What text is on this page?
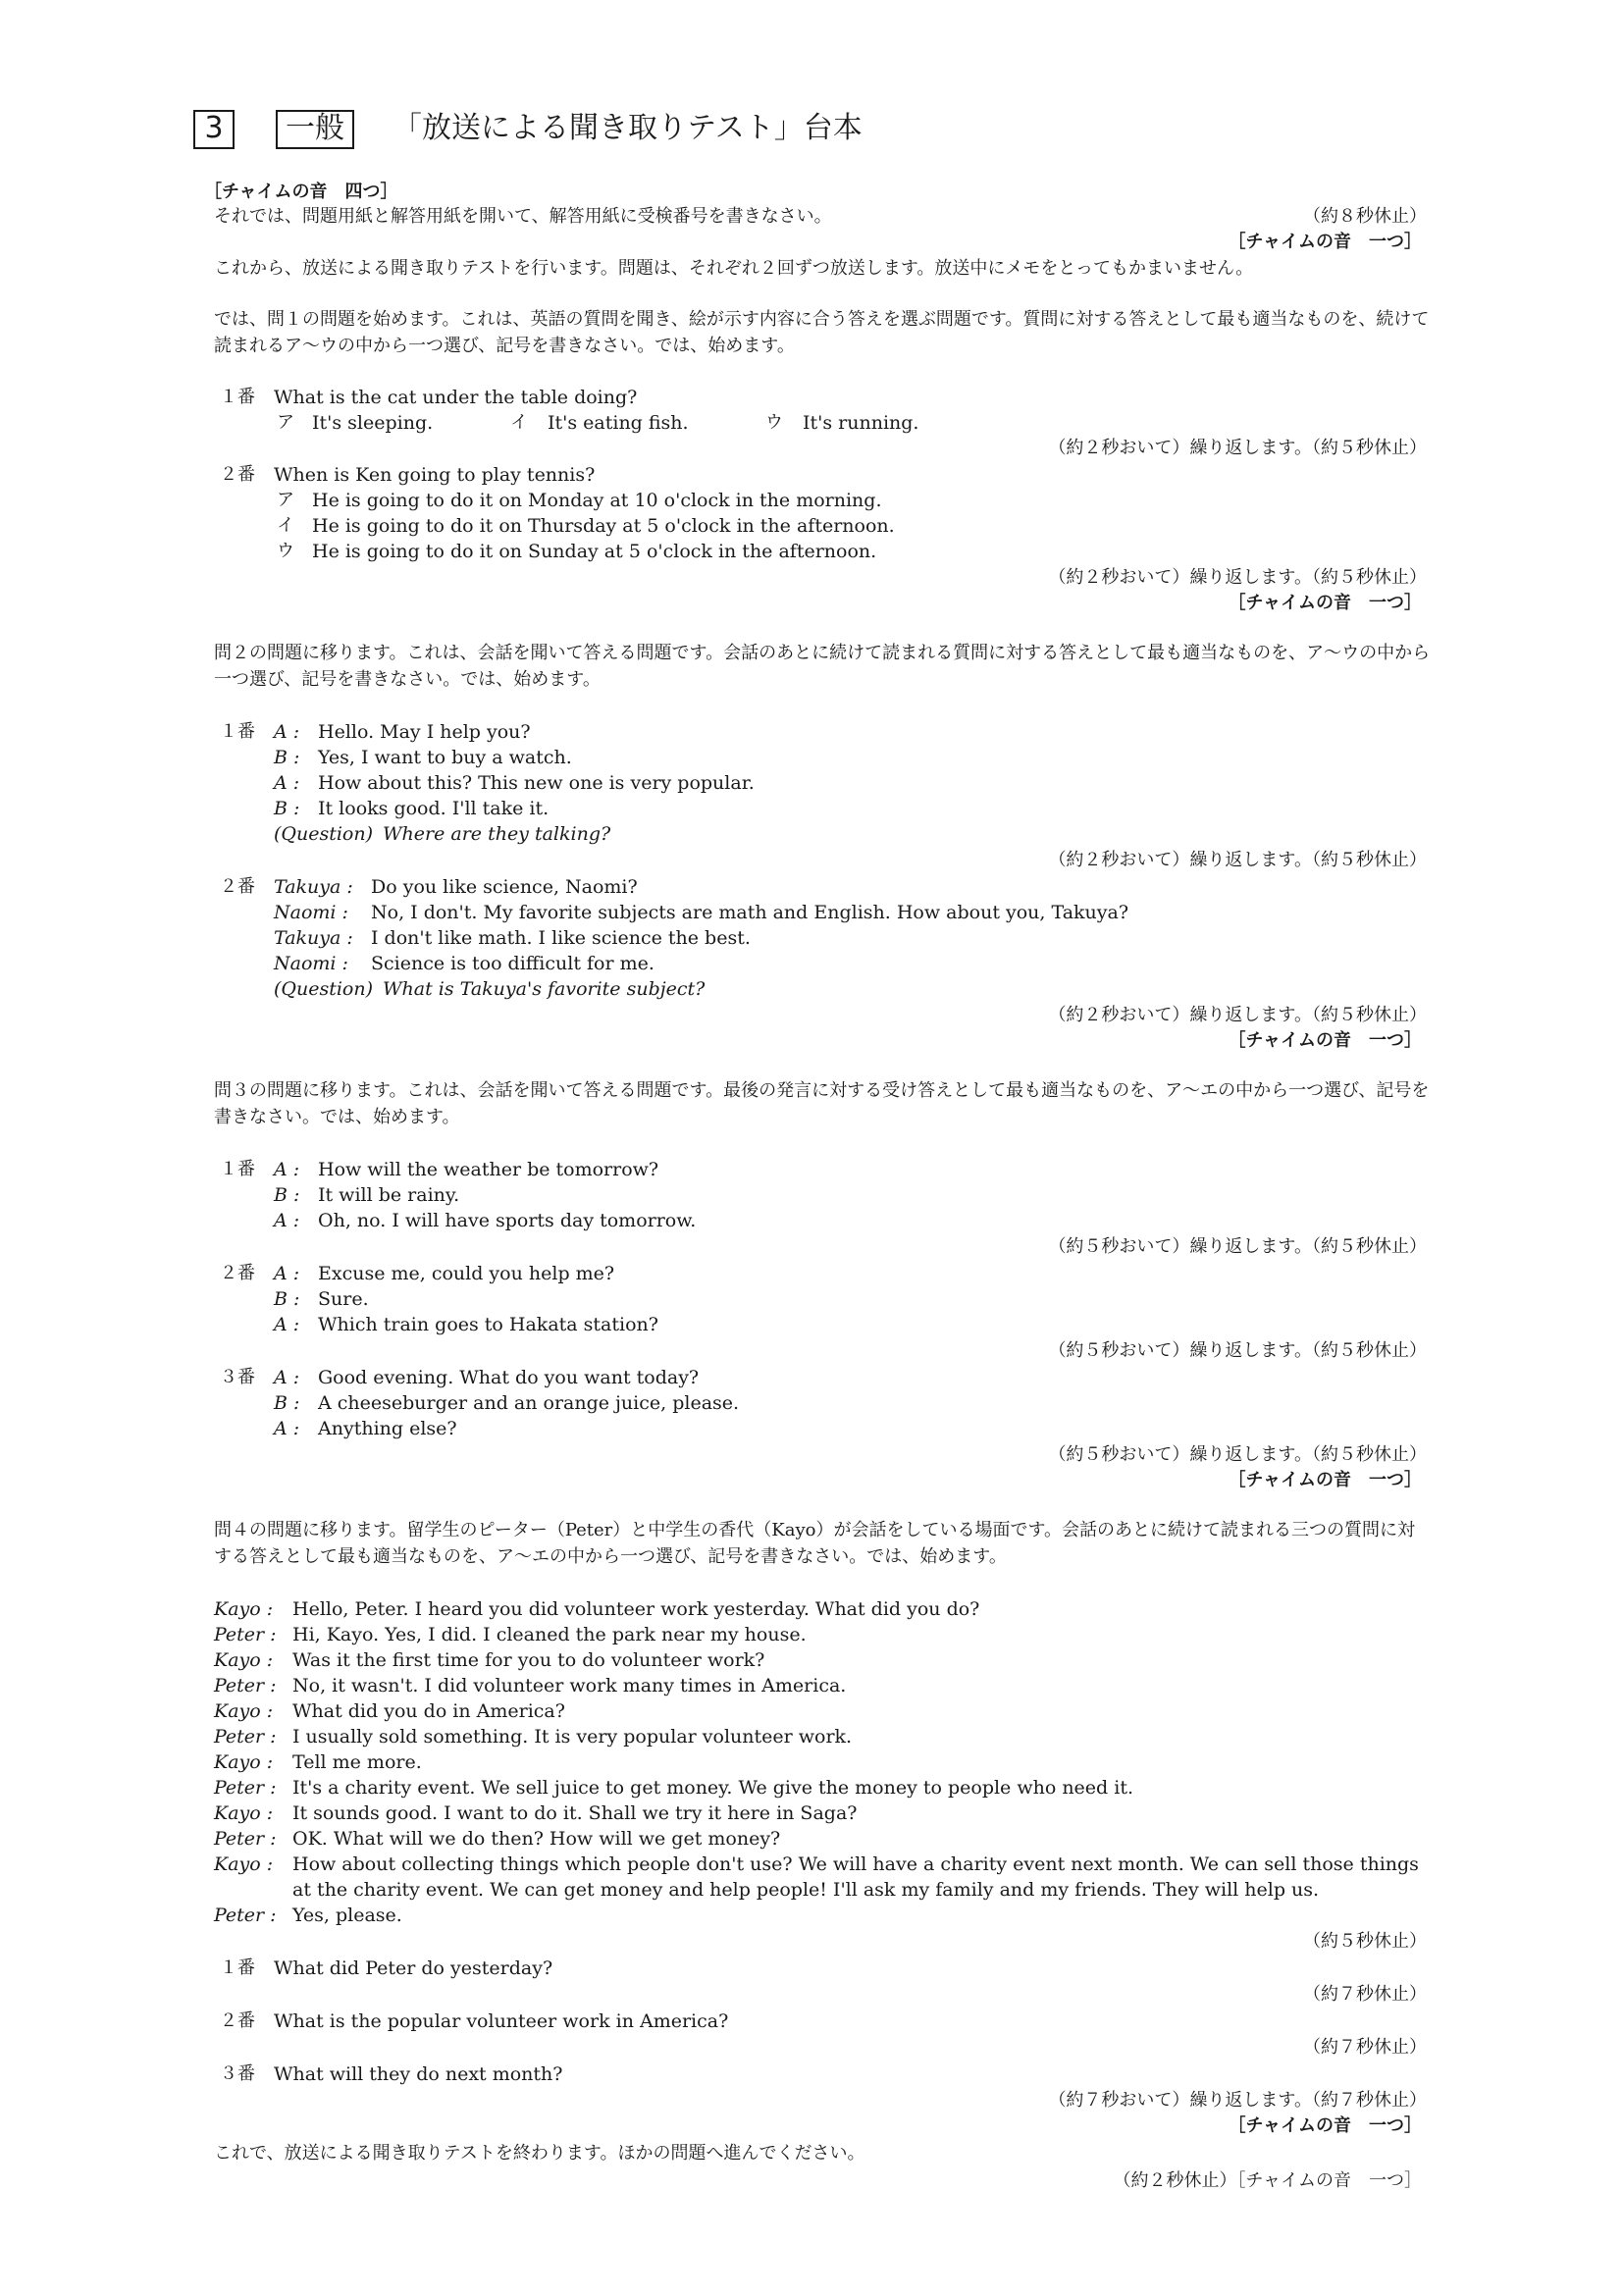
3	一般	「放送による聞き取りテスト」台本
［チャイムの音　四つ］
それでは、問題用紙と解答用紙を開いて、解答用紙に受検番号を書きなさい。	（約８秒休止）
［チャイムの音　一つ］
これから、放送による聞き取りテストを行います。問題は、それぞれ２回ずつ放送します。放送中にメモをとってもかまいません。
では、問１の問題を始めます。これは、英語の質問を聞き、絵が示す内容に合う答えを選ぶ問題です。質問に対する答えとして最も適当なものを、続けて読まれるア～ウの中から一つ選び、記号を書きなさい。では、始めます。
１番 What is the cat under the table doing?
ア It's sleeping.	イ It's eating fish.	ウ It's running.
（約２秒おいて）繰り返します。（約５秒休止）
２番 When is Ken going to play tennis?
ア He is going to do it on Monday at 10 o'clock in the morning.
イ He is going to do it on Thursday at 5 o'clock in the afternoon.
ウ He is going to do it on Sunday at 5 o'clock in the afternoon.
（約２秒おいて）繰り返します。（約５秒休止）
［チャイムの音　一つ］
問２の問題に移ります。これは、会話を聞いて答える問題です。会話のあとに続けて読まれる質問に対する答えとして最も適当なものを、ア～ウの中から一つ選び、記号を書きなさい。では、始めます。
１番 A : Hello. May I help you?
B : Yes, I want to buy a watch.
A : How about this? This new one is very popular.
B : It looks good. I'll take it.
(Question) Where are they talking?
（約２秒おいて）繰り返します。（約５秒休止）
２番 Takuya : Do you like science, Naomi?
Naomi : No, I don't. My favorite subjects are math and English. How about you, Takuya?
Takuya : I don't like math. I like science the best.
Naomi : Science is too difficult for me.
(Question) What is Takuya's favorite subject?
（約２秒おいて）繰り返します。（約５秒休止）
［チャイムの音　一つ］
問３の問題に移ります。これは、会話を聞いて答える問題です。最後の発言に対する受け答えとして最も適当なものを、ア～エの中から一つ選び、記号を書きなさい。では、始めます。
１番 A : How will the weather be tomorrow?
B : It will be rainy.
A : Oh, no. I will have sports day tomorrow.
（約５秒おいて）繰り返します。（約５秒休止）
２番 A : Excuse me, could you help me?
B : Sure.
A : Which train goes to Hakata station?
（約５秒おいて）繰り返します。（約５秒休止）
３番 A : Good evening. What do you want today?
B : A cheeseburger and an orange juice, please.
A : Anything else?
（約５秒おいて）繰り返します。（約５秒休止）
［チャイムの音　一つ］
問４の問題に移ります。留学生のピーター（Peter）と中学生の香代（Kayo）が会話をしている場面です。会話のあとに続けて読まれる三つの質問に対する答えとして最も適当なものを、ア～エの中から一つ選び、記号を書きなさい。では、始めます。
Kayo : Hello, Peter. I heard you did volunteer work yesterday. What did you do?
Peter : Hi, Kayo. Yes, I did. I cleaned the park near my house.
Kayo : Was it the first time for you to do volunteer work?
Peter : No, it wasn't. I did volunteer work many times in America.
Kayo : What did you do in America?
Peter : I usually sold something. It is very popular volunteer work.
Kayo : Tell me more.
Peter : It's a charity event. We sell juice to get money. We give the money to people who need it.
Kayo : It sounds good. I want to do it. Shall we try it here in Saga?
Peter : OK. What will we do then? How will we get money?
Kayo : How about collecting things which people don't use? We will have a charity event next month. We can sell those things at the charity event. We can get money and help people! I'll ask my family and my friends. They will help us.
Peter : Yes, please.
（約５秒休止）
１番 What did Peter do yesterday?
（約７秒休止）
２番 What is the popular volunteer work in America?
（約７秒休止）
３番 What will they do next month?
（約７秒おいて）繰り返します。（約７秒休止）
［チャイムの音　一つ］
これで、放送による聞き取りテストを終わります。ほかの問題へ進んでください。
（約２秒休止）［チャイムの音　一つ］
